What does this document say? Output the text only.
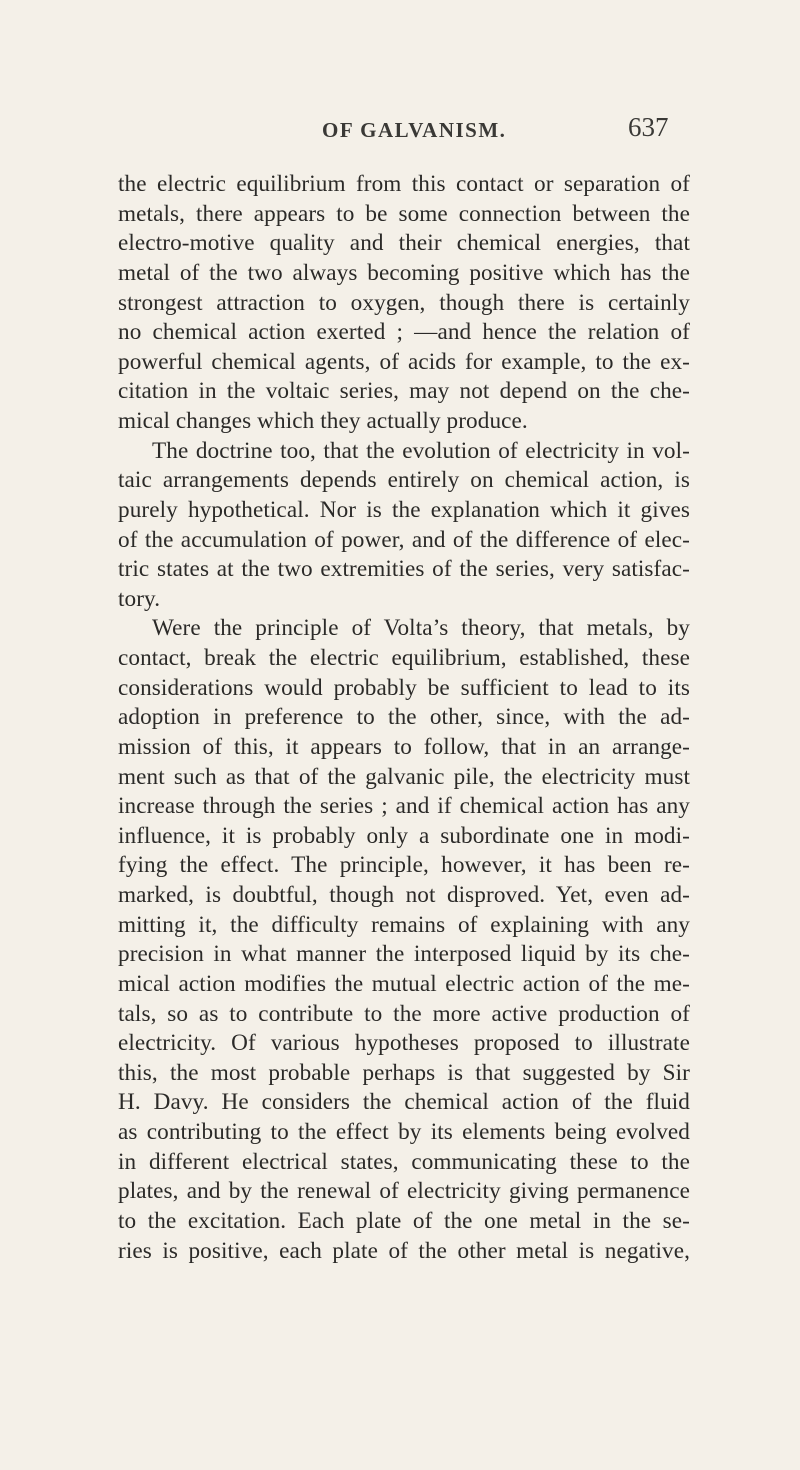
OF GALVANISM.	637
the electric equilibrium from this contact or separation of
metals, there appears to be some connection between the
electro-motive quality and their chemical energies, that
metal of the two always becoming positive which has the
strongest attraction to oxygen, though there is certainly
no chemical action exerted ; —and hence the relation of
powerful chemical agents, of acids for example, to the ex-
citation in the voltaic series, may not depend on the che-
mical changes which they actually produce.
The doctrine too, that the evolution of electricity in vol-
taic arrangements depends entirely on chemical action, is
purely hypothetical. Nor is the explanation which it gives
of the accumulation of power, and of the difference of elec-
tric states at the two extremities of the series, very satisfac-
tory.
Were the principle of Volta’s theory, that metals, by
contact, break the electric equilibrium, established, these
considerations would probably be sufficient to lead to its
adoption in preference to the other, since, with the ad-
mission of this, it appears to follow, that in an arrange-
ment such as that of the galvanic pile, the electricity must
increase through the series ; and if chemical action has any
influence, it is probably only a subordinate one in modi-
fying the effect. The principle, however, it has been re-
marked, is doubtful, though not disproved. Yet, even ad-
mitting it, the difficulty remains of explaining with any
precision in what manner the interposed liquid by its che-
mical action modifies the mutual electric action of the me-
tals, so as to contribute to the more active production of
electricity. Of various hypotheses proposed to illustrate
this, the most probable perhaps is that suggested by Sir
H. Davy. He considers the chemical action of the fluid
as contributing to the effect by its elements being evolved
in different electrical states, communicating these to the
plates, and by the renewal of electricity giving permanence
to the excitation. Each plate of the one metal in the se-
ries is positive, each plate of the other metal is negative,
